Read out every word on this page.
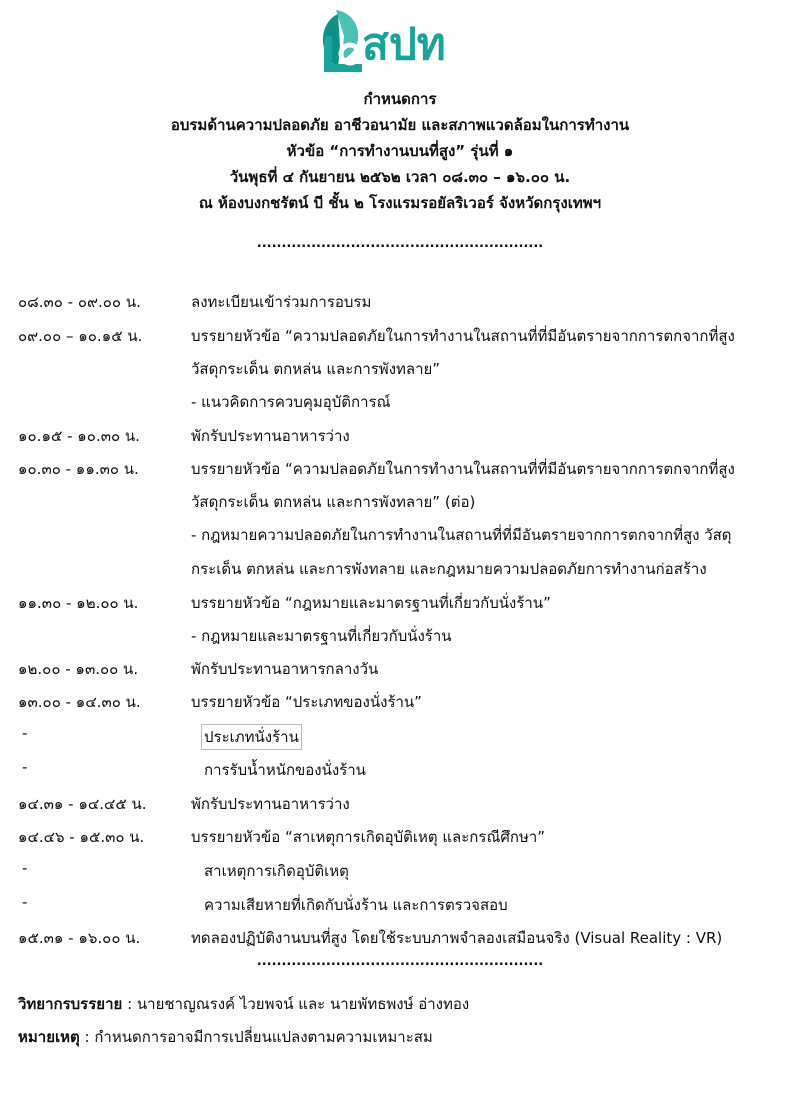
สปท
กำหนดการ
อบรมด้านความปลอดภัย อาชีวอนามัย และสภาพแวดล้อมในการทำงาน
หัวข้อ “การทำงานบนที่สูง” รุ่นที่ ๑
วันพุธที่ ๔ กันยายน ๒๕๖๒ เวลา ๐๘.๓๐ – ๑๖.๐๐ น.
ณ ห้องบงกชรัตน์ บี ชั้น ๒ โรงแรมรอยัลริเวอร์ จังหวัดกรุงเทพฯ
..........................................................
๐๘.๓๐ - ๐๙.๐๐ น.	ลงทะเบียนเข้าร่วมการอบรม
๐๙.๐๐ – ๑๐.๑๕ น.	บรรยายหัวข้อ “ความปลอดภัยในการทำงานในสถานที่ที่มีอันตรายจากการตกจากที่สูง
วัสดุกระเด็น ตกหล่น และการพังทลาย”
- แนวคิดการควบคุมอุบัติการณ์
๑๐.๑๕ - ๑๐.๓๐ น.	พักรับประทานอาหารว่าง
๑๐.๓๐ - ๑๑.๓๐ น.	บรรยายหัวข้อ “ความปลอดภัยในการทำงานในสถานที่ที่มีอันตรายจากการตกจากที่สูง
วัสดุกระเด็น ตกหล่น และการพังทลาย” (ต่อ)
- กฎหมายความปลอดภัยในการทำงานในสถานที่ที่มีอันตรายจากการตกจากที่สูง วัสดุ
กระเด็น ตกหล่น และการพังทลาย และกฎหมายความปลอดภัยการทำงานก่อสร้าง
๑๑.๓๐ - ๑๒.๐๐ น.	บรรยายหัวข้อ “กฎหมายและมาตรฐานที่เกี่ยวกับนั่งร้าน”
- กฎหมายและมาตรฐานที่เกี่ยวกับนั่งร้าน
๑๒.๐๐ - ๑๓.๐๐ น.	พักรับประทานอาหารกลางวัน
๑๓.๐๐ - ๑๔.๓๐ น.	บรรยายหัวข้อ “ประเภทของนั่งร้าน”
-	ประเภทนั่งร้าน
-	การรับน้ำหนักของนั่งร้าน
๑๔.๓๑ - ๑๔.๔๕ น.	พักรับประทานอาหารว่าง
๑๔.๔๖ - ๑๕.๓๐ น.	บรรยายหัวข้อ “สาเหตุการเกิดอุบัติเหตุ และกรณีศึกษา”
-	สาเหตุการเกิดอุบัติเหตุ
-	ความเสียหายที่เกิดกับนั่งร้าน และการตรวจสอบ
๑๕.๓๑ - ๑๖.๐๐ น.	ทดลองปฏิบัติงานบนที่สูง โดยใช้ระบบภาพจำลองเสมือนจริง (Visual Reality : VR)
..........................................................
วิทยากรบรรยาย : นายชาญณรงค์ ไวยพจน์ และ นายพัทธพงษ์ อ่างทอง
หมายเหตุ : กำหนดการอาจมีการเปลี่ยนแปลงตามความเหมาะสม
